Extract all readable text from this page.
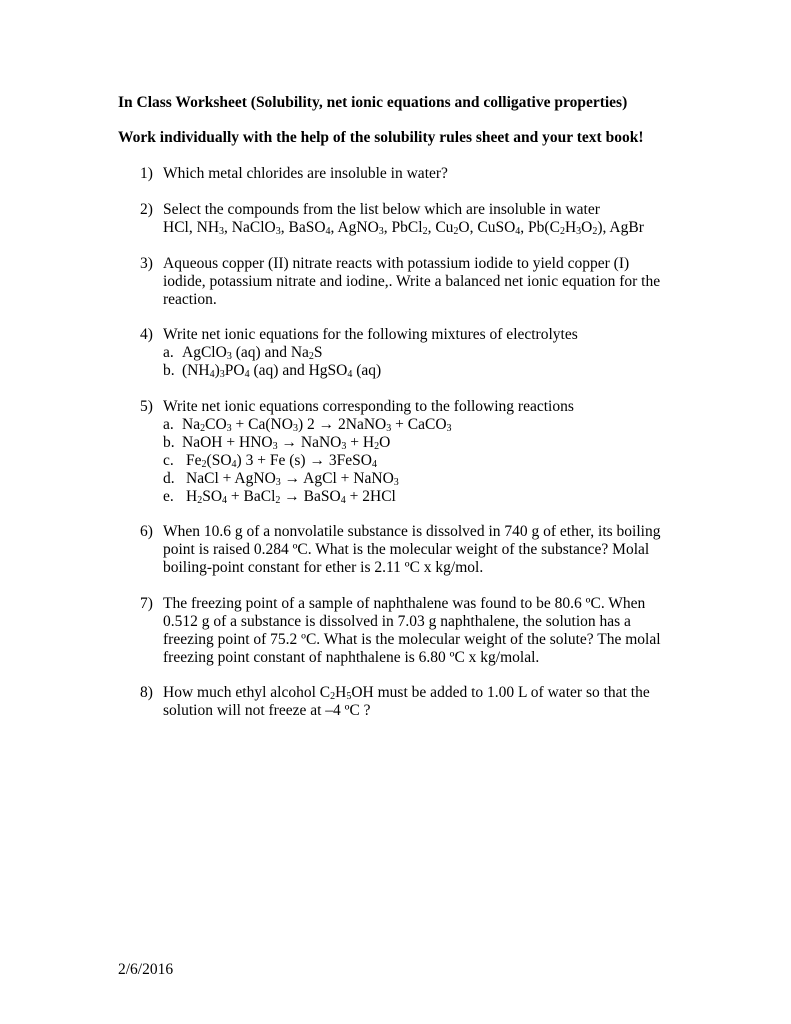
In Class Worksheet (Solubility, net ionic equations and colligative properties)
Work individually with the help of the solubility rules sheet and your text book!
1) Which metal chlorides are insoluble in water?
2) Select the compounds from the list below which are insoluble in water
HCl, $NH_3$, NaClO$_3$, BaSO$_4$, AgNO$_3$, PbCl$_2$, $Cu_2O$, CuSO$_4$, $Pb(C_2H_3O_2)$, AgBr
3) Aqueous copper (II) nitrate reacts with potassium iodide to yield copper (I)
iodide, potassium nitrate and iodine,. Write a balanced net ionic equation for the
reaction.
4) Write net ionic equations for the following mixtures of electrolytes
a. AgClO$_3$ (aq) and $Na_2S$
b. $(NH_4)_3PO_4$ (aq) and HgSO$_4$ (aq)
5) Write net ionic equations corresponding to the following reactions
a. $Na_2CO_3 + Ca(NO_3) 2$ → 2NaNO$_3$ + CaCO$_3$
b. NaOH + $HNO_3$ → NaNO$_3$ + $H_2O$
c. $Fe_2(SO_4) 3 + Fe$ (s) → 3FeSO$_4$
d. NaCl + AgNO$_3$ → AgCl + NaNO$_3$
e. $H_2SO_4$ + BaCl$_2$ → BaSO$_4$ + 2HCl
6) When 10.6 g of a nonvolatile substance is dissolved in 740 g of ether, its boiling
point is raised 0.284 ºC. What is the molecular weight of the substance? Molal
boiling-point constant for ether is 2.11 ºC x kg/mol.
7) The freezing point of a sample of naphthalene was found to be 80.6 ºC. When
0.512 g of a substance is dissolved in 7.03 g naphthalene, the solution has a
freezing point of 75.2 ºC. What is the molecular weight of the solute? The molal
freezing point constant of naphthalene is 6.80 ºC x kg/molal.
8) How much ethyl alcohol $C_2H_5OH$ must be added to 1.00 L of water so that the
solution will not freeze at –4 ºC ?
2/6/2016
